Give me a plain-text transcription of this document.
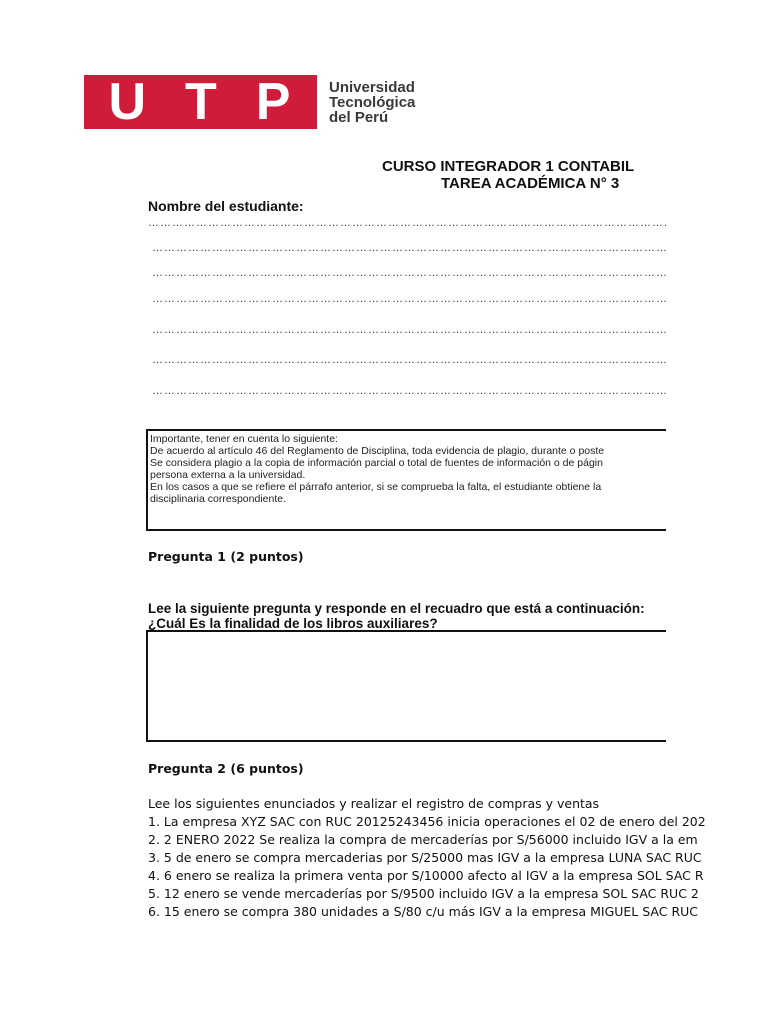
U T P Universidad
Tecnológica
del Perú
CURSO INTEGRADOR 1 CONTABIL
TAREA ACADÉMICA N° 3
Nombre del estudiante:
………………………………………………………………………………………………………………….
…………………………………………………………………………………………………………………
…………………………………………………………………………………………………………………
…………………………………………………………………………………………………………………
…………………………………………………………………………………………………………………
…………………………………………………………………………………………………………………
…………………………………………………………………………………………………………………
Importante, tener en cuenta lo siguiente:
De acuerdo al artículo 46 del Reglamento de Disciplina, toda evidencia de plagio, durante o poste
Se considera plagio a la copia de información parcial o total de fuentes de información o de págin
persona externa a la universidad.
En los casos a que se refiere el párrafo anterior, si se comprueba la falta, el estudiante obtiene la
disciplinaria correspondiente.
Pregunta 1 (2 puntos)
Lee la siguiente pregunta y responde en el recuadro que está a continuación:
¿Cuál Es la finalidad de los libros auxiliares?
Pregunta 2 (6 puntos)
Lee los siguientes enunciados y realizar el registro de compras y ventas
1. La empresa XYZ SAC con RUC 20125243456 inicia operaciones el 02 de enero del 202
2. 2 ENERO 2022 Se realiza la compra de mercaderías por S/56000 incluido IGV a la em
3. 5 de enero se compra mercaderias por S/25000 mas IGV a la empresa LUNA SAC RUC
4. 6 enero se realiza la primera venta por S/10000 afecto al IGV a la empresa SOL SAC R
5. 12 enero se vende mercaderías por S/9500 incluido IGV a la empresa SOL SAC RUC 2
6. 15 enero se compra 380 unidades a S/80 c/u más IGV a la empresa MIGUEL SAC RUC
